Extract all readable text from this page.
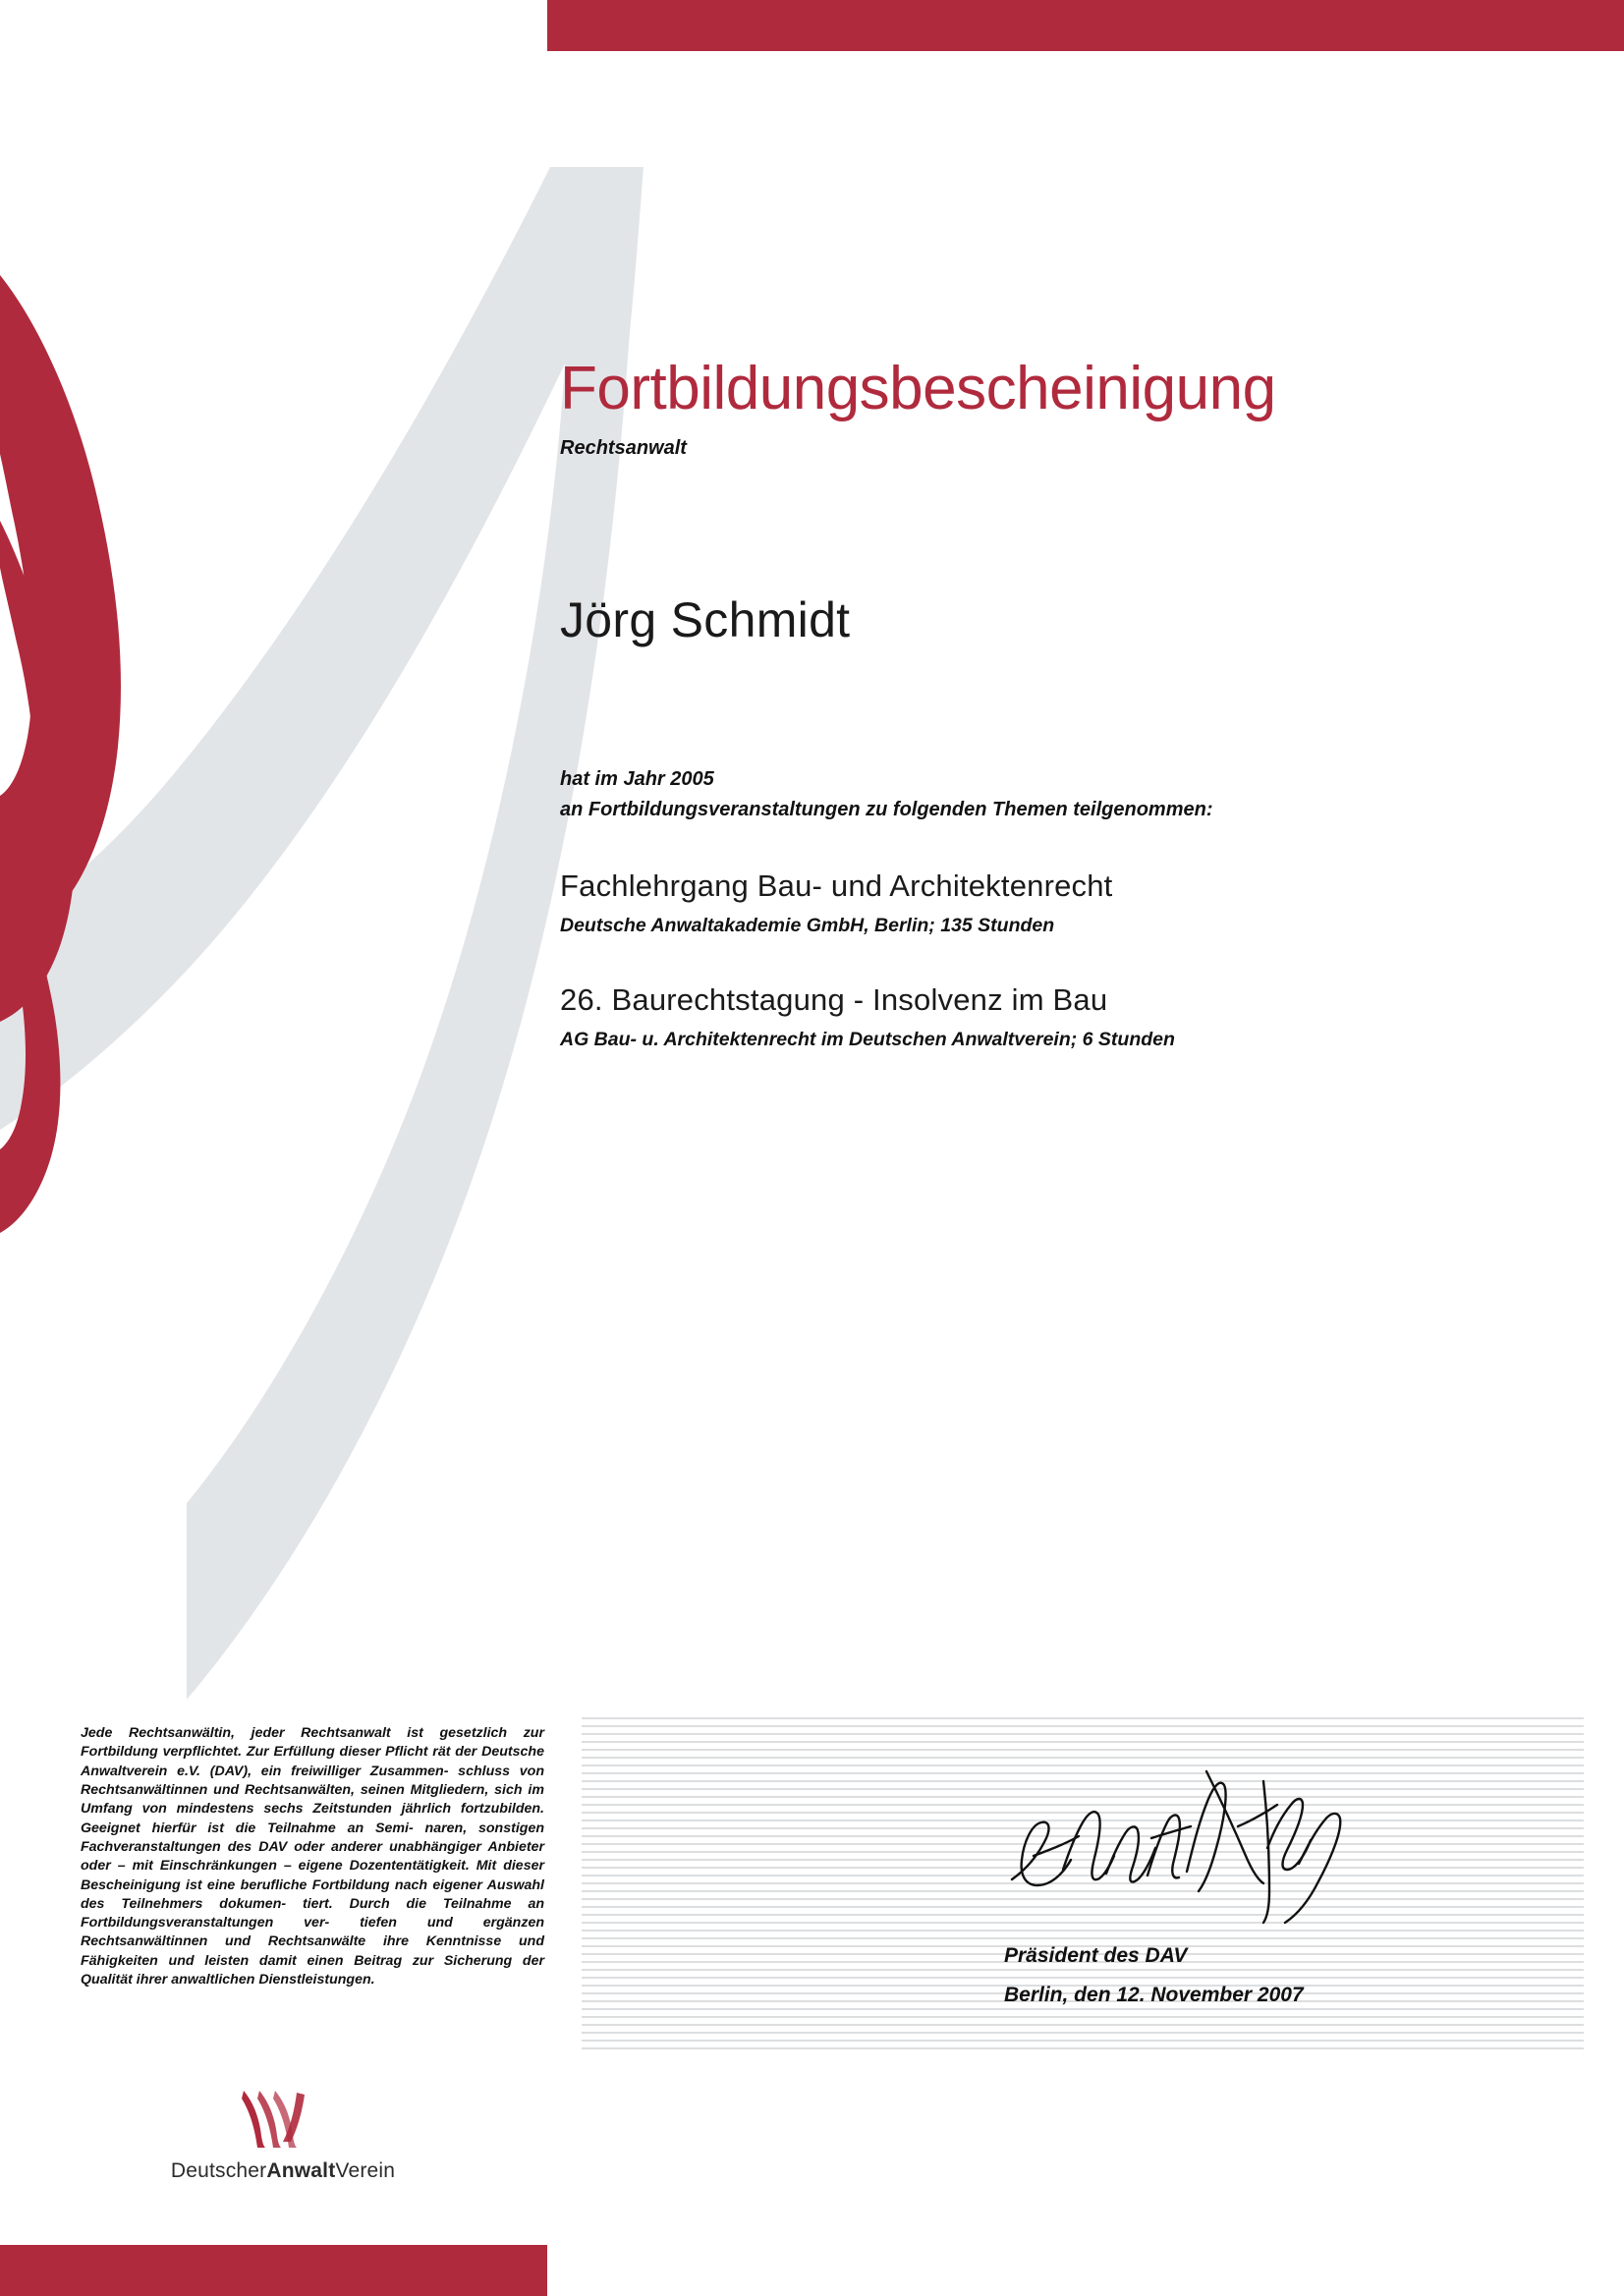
Fortbildungsbescheinigung
Rechtsanwalt
Jörg Schmidt
hat im Jahr 2005
an Fortbildungsveranstaltungen zu folgenden Themen teilgenommen:
Fachlehrgang Bau- und Architektenrecht
Deutsche Anwaltakademie GmbH, Berlin; 135 Stunden
26. Baurechtstagung - Insolvenz im Bau
AG Bau- u. Architektenrecht im Deutschen Anwaltverein; 6 Stunden
Jede Rechtsanwältin, jeder Rechtsanwalt ist gesetzlich zur Fortbildung verpflichtet. Zur Erfüllung dieser Pflicht rät der Deutsche Anwaltverein e.V. (DAV), ein freiwilliger Zusammen- schluss von Rechtsanwältinnen und Rechtsanwälten, seinen Mitgliedern, sich im Umfang von mindestens sechs Zeitstunden jährlich fortzubilden. Geeignet hierfür ist die Teilnahme an Semi- naren, sonstigen Fachveranstaltungen des DAV oder anderer unabhängiger Anbieter oder – mit Einschränkungen – eigene Dozententätigkeit. Mit dieser Bescheinigung ist eine berufliche Fortbildung nach eigener Auswahl des Teilnehmers dokumen- tiert. Durch die Teilnahme an Fortbildungsveranstaltungen ver- tiefen und ergänzen Rechtsanwältinnen und Rechtsanwälte ihre Kenntnisse und Fähigkeiten und leisten damit einen Beitrag zur Sicherung der Qualität ihrer anwaltlichen Dienstleistungen.
Präsident des DAV
Berlin, den 12. November 2007
DeutscherAnwaltVerein
